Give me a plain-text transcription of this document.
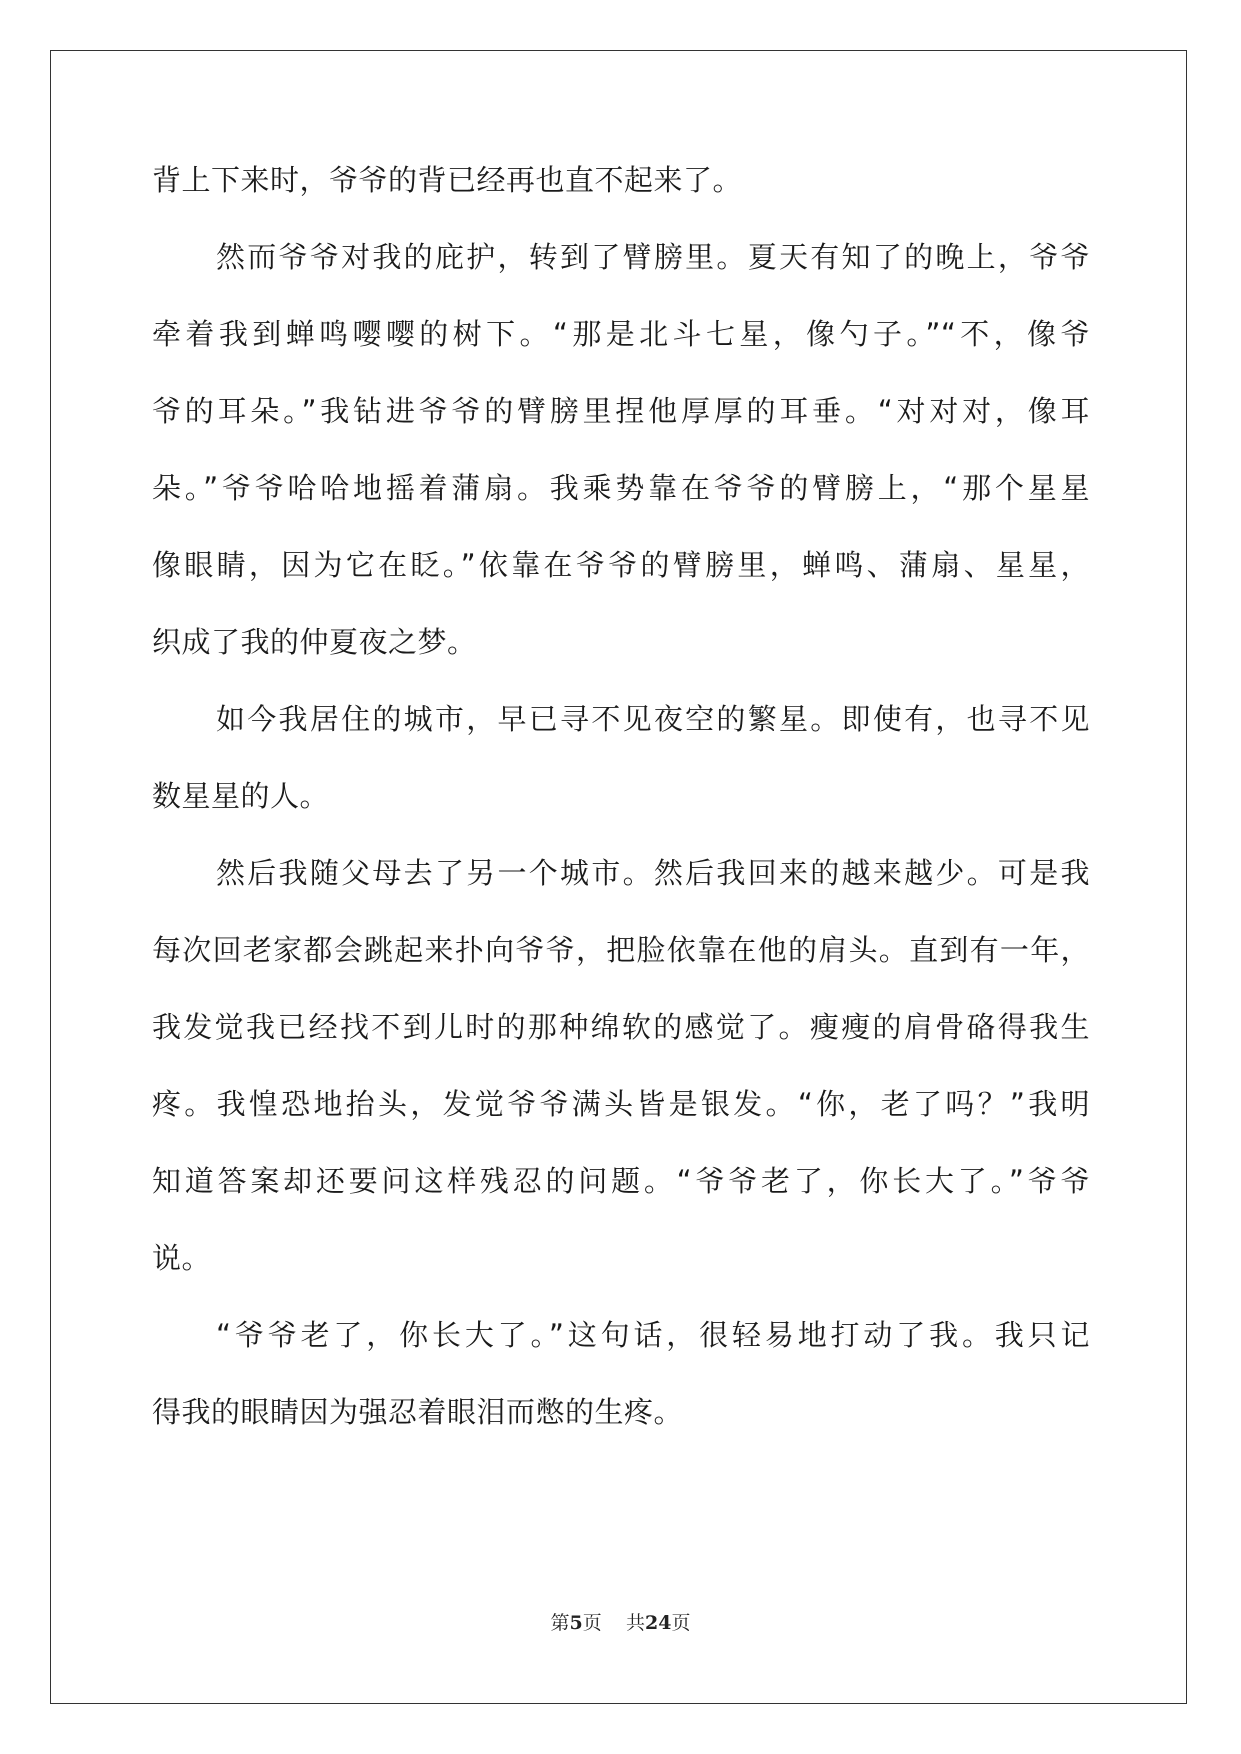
背上下来时，爷爷的背已经再也直不起来了。
然而爷爷对我的庇护，转到了臂膀里。夏天有知了的晚上，爷爷
牵着我到蝉鸣嘤嘤的树下。“那是北斗七星，像勺子。”“不，像爷
爷的耳朵。”我钻进爷爷的臂膀里捏他厚厚的耳垂。“对对对，像耳
朵。”爷爷哈哈地摇着蒲扇。我乘势靠在爷爷的臂膀上，“那个星星
像眼睛，因为它在眨。”依靠在爷爷的臂膀里，蝉鸣、蒲扇、星星，
织成了我的仲夏夜之梦。
如今我居住的城市，早已寻不见夜空的繁星。即使有，也寻不见
数星星的人。
然后我随父母去了另一个城市。然后我回来的越来越少。可是我
每次回老家都会跳起来扑向爷爷，把脸依靠在他的肩头。直到有一年，
我发觉我已经找不到儿时的那种绵软的感觉了。瘦瘦的肩骨硌得我生
疼。我惶恐地抬头，发觉爷爷满头皆是银发。“你，老了吗？”我明
知道答案却还要问这样残忍的问题。“爷爷老了，你长大了。”爷爷
说。
“爷爷老了，你长大了。”这句话，很轻易地打动了我。我只记
得我的眼睛因为强忍着眼泪而憋的生疼。
第5页 共24页
